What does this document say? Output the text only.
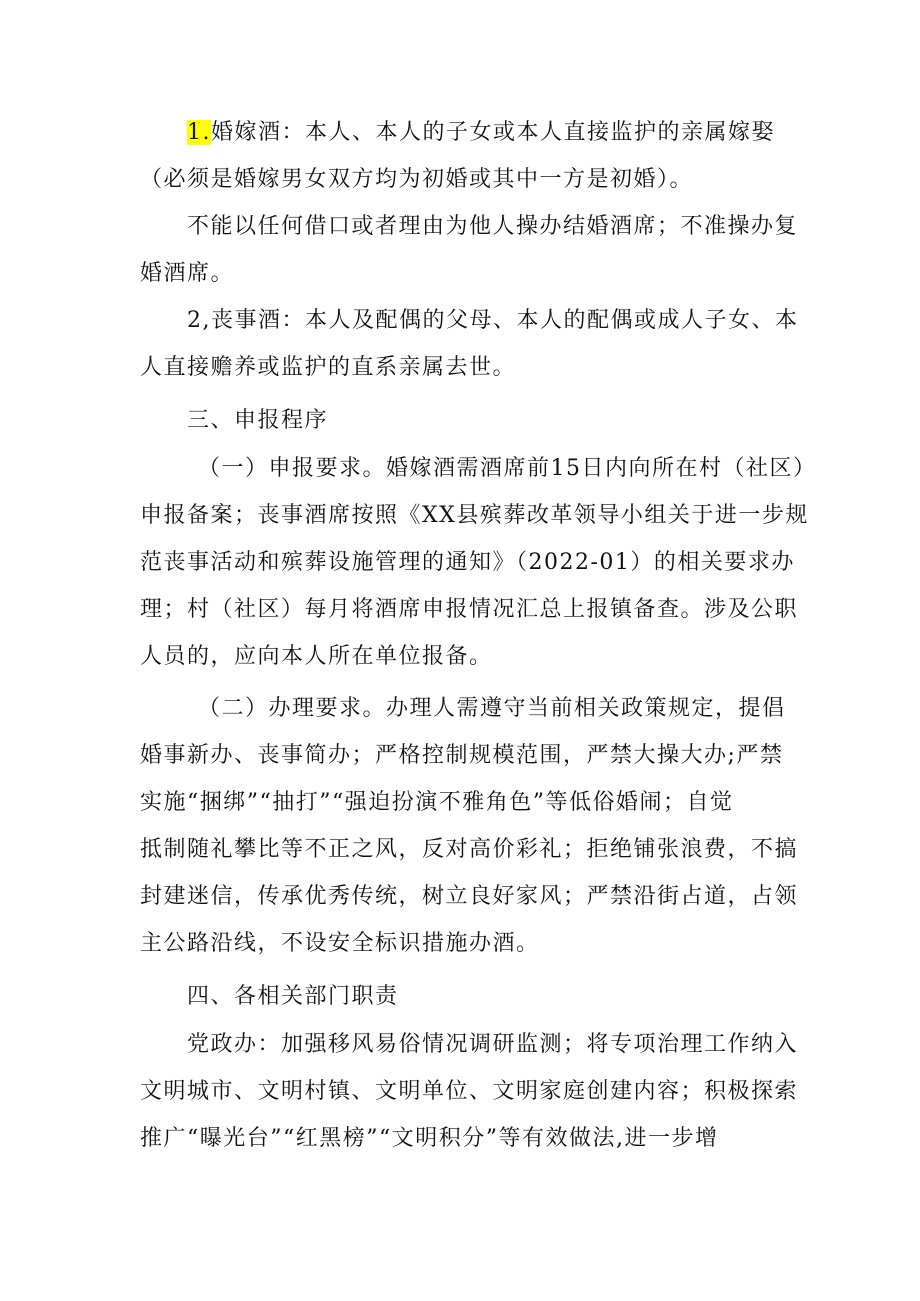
1.婚嫁酒：本人、本人的子女或本人直接监护的亲属嫁娶
（必须是婚嫁男女双方均为初婚或其中一方是初婚）。
不能以任何借口或者理由为他人操办结婚酒席；不准操办复
婚酒席。
2,丧事酒：本人及配偶的父母、本人的配偶或成人子女、本
人直接赡养或监护的直系亲属去世。
三、申报程序
（一）申报要求。婚嫁酒需酒席前15日内向所在村（社区）
申报备案；丧事酒席按照《XX县殡葬改革领导小组关于进一步规
范丧事活动和殡葬设施管理的通知》（2022-01）的相关要求办
理；村（社区）每月将酒席申报情况汇总上报镇备查。涉及公职
人员的，应向本人所在单位报备。
（二）办理要求。办理人需遵守当前相关政策规定，提倡
婚事新办、丧事简办；严格控制规模范围，严禁大操大办;严禁
实施“捆绑”“抽打”“强迫扮演不雅角色”等低俗婚闹；自觉
抵制随礼攀比等不正之风，反对高价彩礼；拒绝铺张浪费，不搞
封建迷信，传承优秀传统，树立良好家风；严禁沿街占道，占领
主公路沿线，不设安全标识措施办酒。
四、各相关部门职责
党政办：加强移风易俗情况调研监测；将专项治理工作纳入
文明城市、文明村镇、文明单位、文明家庭创建内容；积极探索
推广“曝光台”“红黑榜”“文明积分”等有效做法,进一步增
